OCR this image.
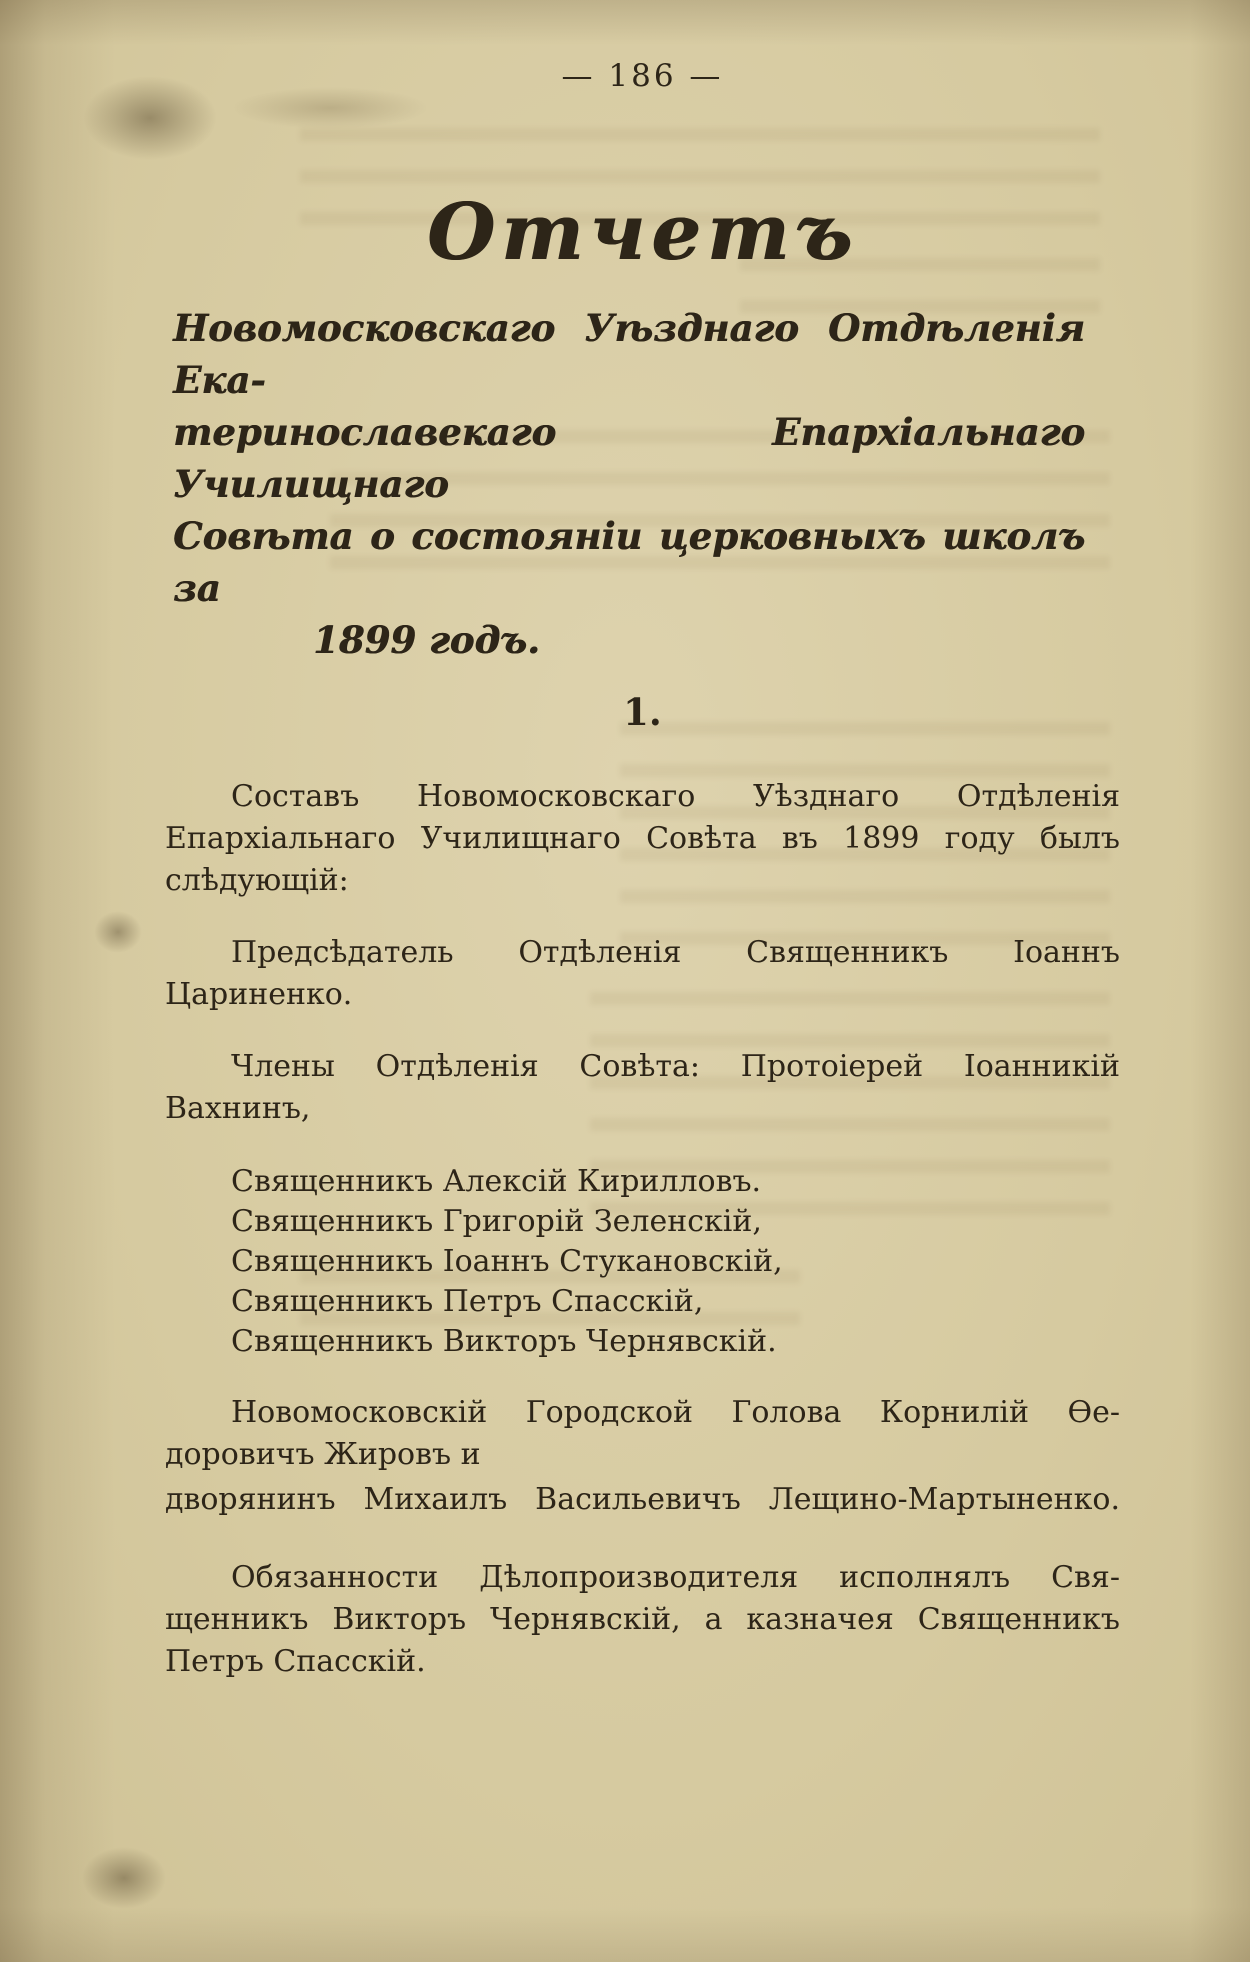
— 186 —
Отчетъ
Новомосковскаго Уѣзднаго Отдѣленія Ека-
теринославекаго Епархіальнаго Училищнаго
Совѣта о состояніи церковныхъ школъ за
1899 годъ.
1.
Составъ Новомосковскаго Уѣзднаго Отдѣленія
Епархіальнаго Училищнаго Совѣта въ 1899 году былъ
слѣдующій:
Предсѣдатель Отдѣленія Священникъ Іоаннъ
Цариненко.
Члены Отдѣленія Совѣта: Протоіерей Іоанникій
Вахнинъ,
Священникъ Алексій Кирилловъ.
Священникъ Григорій Зеленскій,
Священникъ Іоаннъ Стукановскій,
Священникъ Петръ Спасскій,
Священникъ Викторъ Чернявскій.
Новомосковскій Городской Голова Корнилій Ѳе-
доровичъ Жировъ и
дворянинъ Михаилъ Васильевичъ Лещино-Мартыненко.
Обязанности Дѣлопроизводителя исполнялъ Свя-
щенникъ Викторъ Чернявскій, а казначея Священникъ
Петръ Спасскій.
